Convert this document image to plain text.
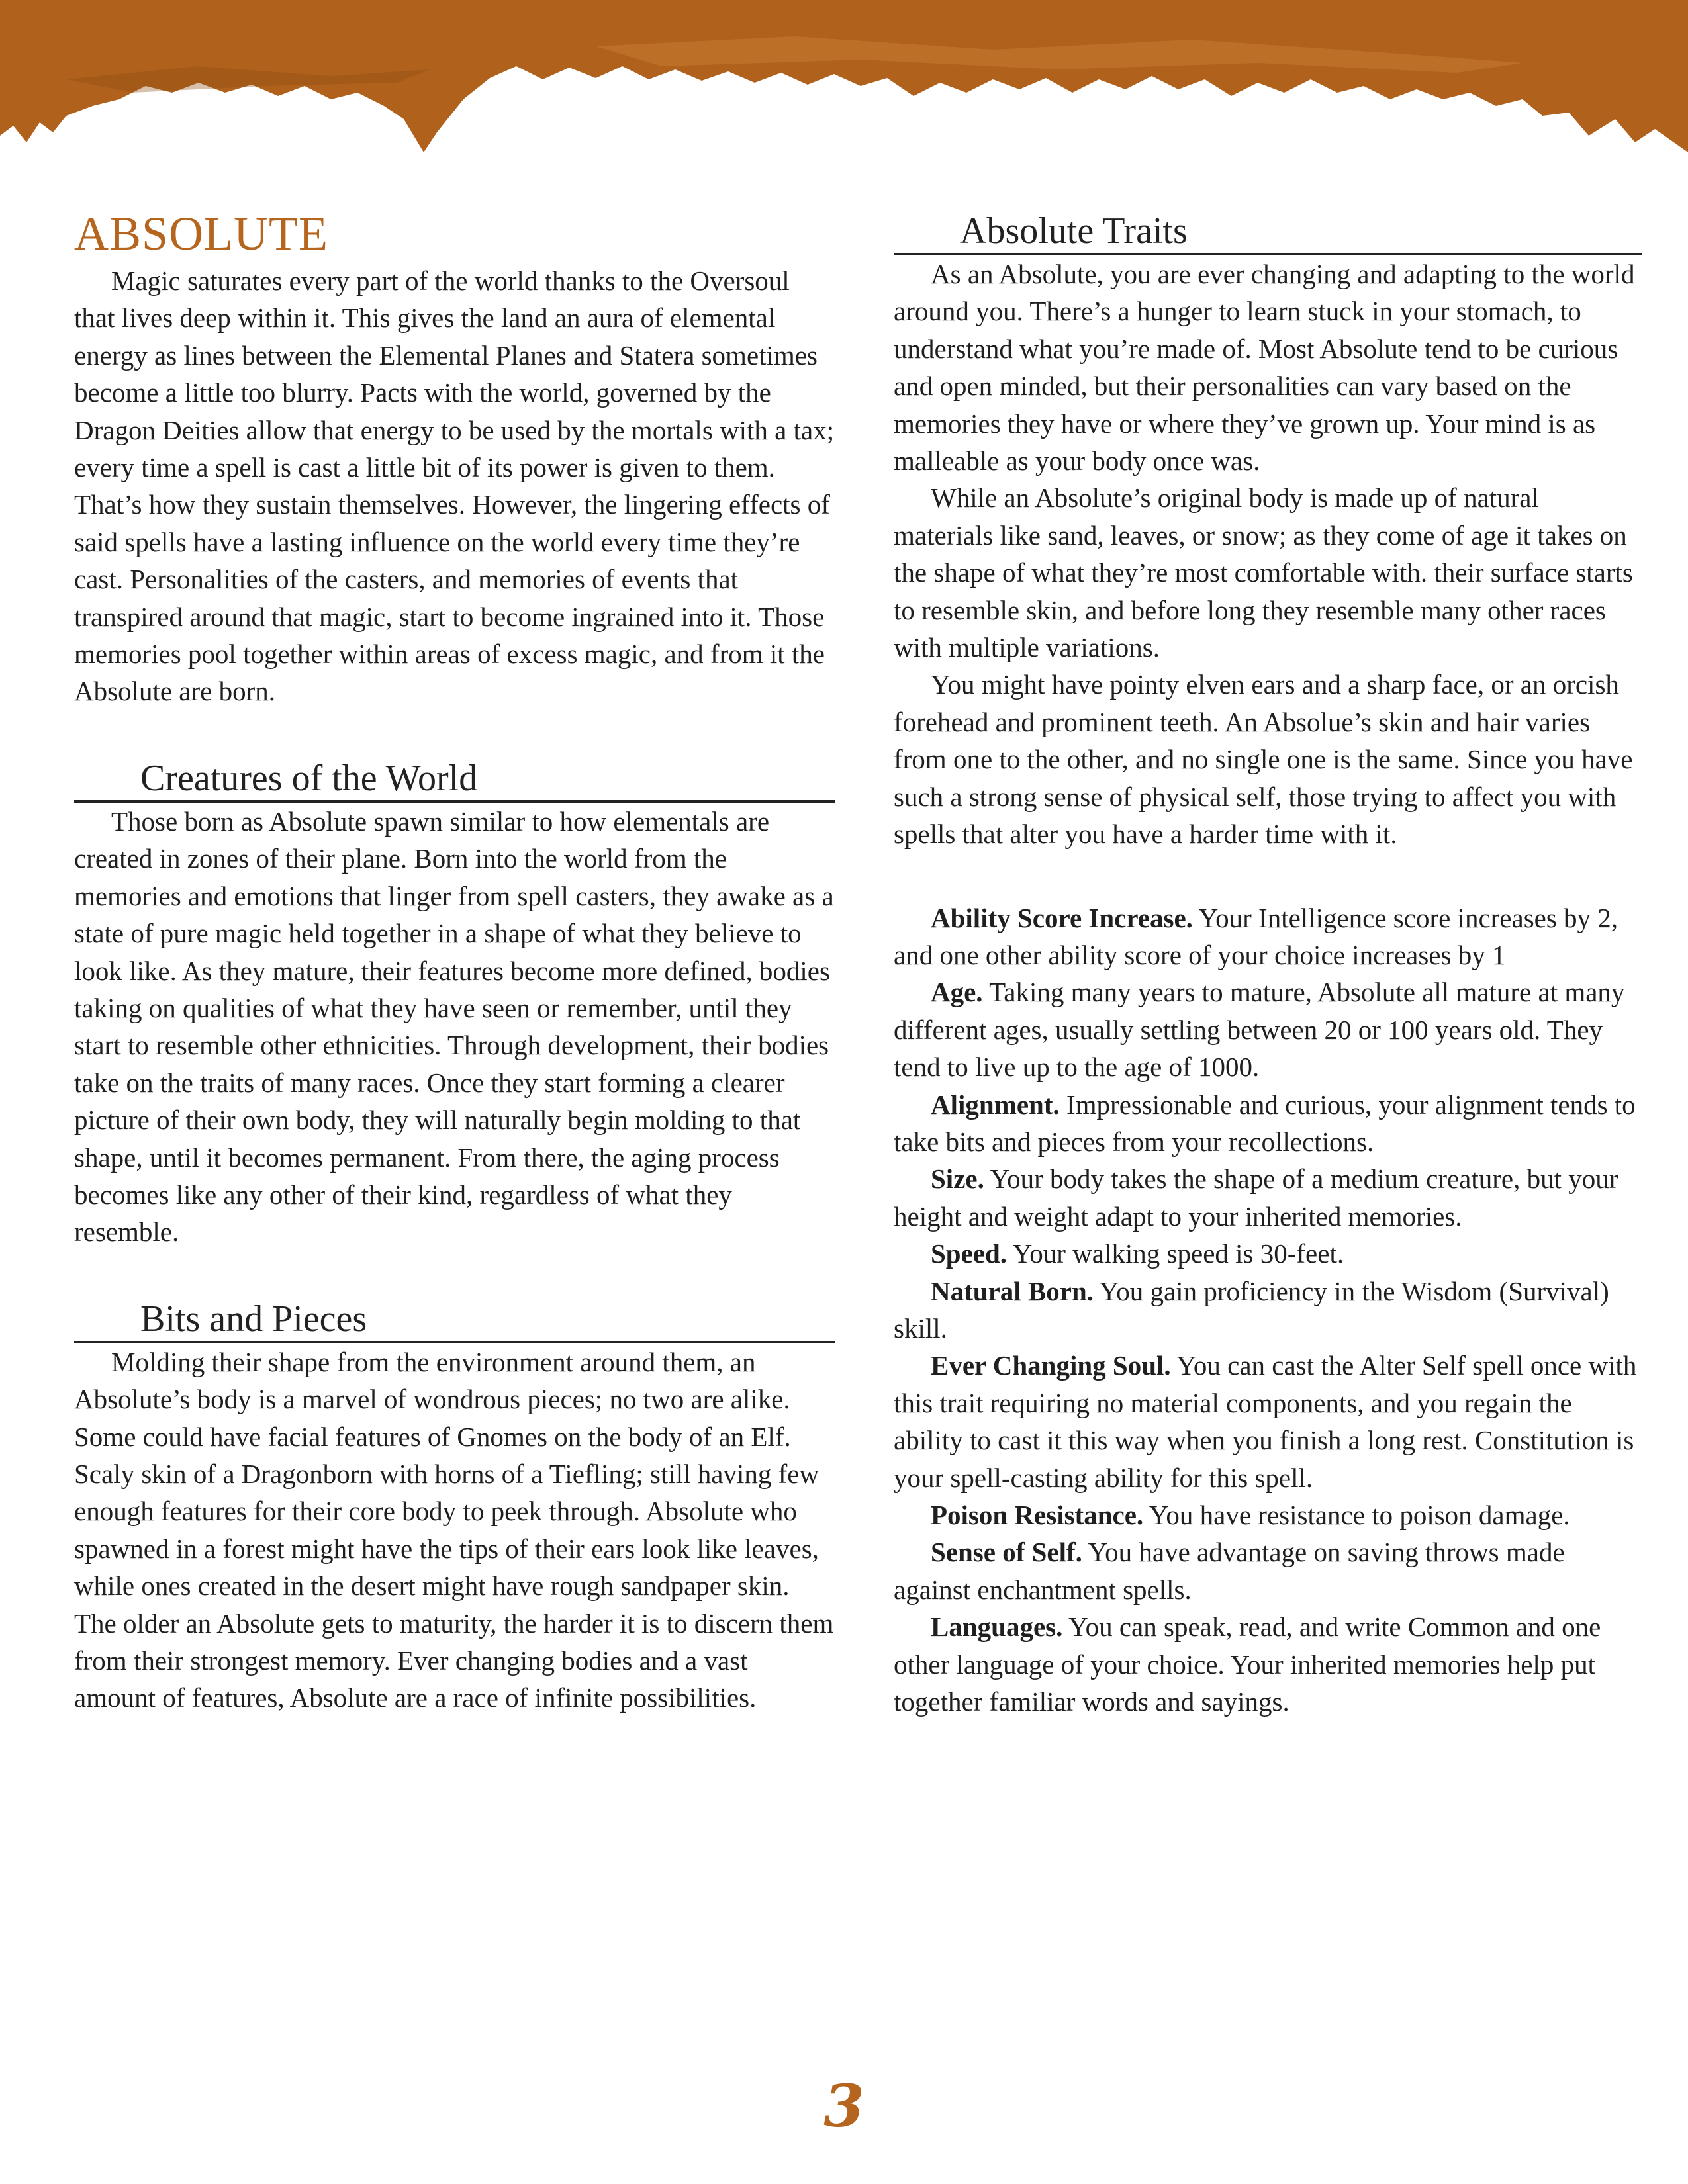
ABSOLUTE

Magic saturates every part of the world thanks to the Oversoul that lives deep within it. This gives the land an aura of elemental energy as lines between the Elemental Planes and Statera sometimes become a little too blurry. Pacts with the world, governed by the Dragon Deities allow that energy to be used by the mortals with a tax; every time a spell is cast a little bit of its power is given to them. That’s how they sustain themselves. However, the lingering effects of said spells have a lasting influence on the world every time they’re cast. Personalities of the casters, and memories of events that transpired around that magic, start to become ingrained into it. Those memories pool together within areas of excess magic, and from it the Absolute are born.

Creatures of the World

Those born as Absolute spawn similar to how elementals are created in zones of their plane. Born into the world from the memories and emotions that linger from spell casters, they awake as a state of pure magic held together in a shape of what they believe to look like. As they mature, their features become more defined, bodies taking on qualities of what they have seen or remember, until they start to resemble other ethnicities. Through development, their bodies take on the traits of many races. Once they start forming a clearer picture of their own body, they will naturally begin molding to that shape, until it becomes permanent. From there, the aging process becomes like any other of their kind, regardless of what they resemble.

Bits and Pieces

Molding their shape from the environment around them, an Absolute’s body is a marvel of wondrous pieces; no two are alike. Some could have facial features of Gnomes on the body of an Elf. Scaly skin of a Dragonborn with horns of a Tiefling; still having few enough features for their core body to peek through. Absolute who spawned in a forest might have the tips of their ears look like leaves, while ones created in the desert might have rough sandpaper skin. The older an Absolute gets to maturity, the harder it is to discern them from their strongest memory. Ever changing bodies and a vast amount of features, Absolute are a race of infinite possibilities.

Absolute Traits

As an Absolute, you are ever changing and adapting to the world around you. There’s a hunger to learn stuck in your stomach, to understand what you’re made of. Most Absolute tend to be curious and open minded, but their personalities can vary based on the memories they have or where they’ve grown up. Your mind is as malleable as your body once was.

While an Absolute’s original body is made up of natural materials like sand, leaves, or snow; as they come of age it takes on the shape of what they’re most comfortable with. their surface starts to resemble skin, and before long they resemble many other races with multiple variations.

You might have pointy elven ears and a sharp face, or an orcish forehead and prominent teeth. An Absolue’s skin and hair varies from one to the other, and no single one is the same. Since you have such a strong sense of physical self, those trying to affect you with spells that alter you have a harder time with it.

Ability Score Increase. Your Intelligence score increases by 2, and one other ability score of your choice increases by 1

Age. Taking many years to mature, Absolute all mature at many different ages, usually settling between 20 or 100 years old. They tend to live up to the age of 1000.

Alignment. Impressionable and curious, your alignment tends to take bits and pieces from your recollections.

Size. Your body takes the shape of a medium creature, but your height and weight adapt to your inherited memories.

Speed. Your walking speed is 30-feet.

Natural Born. You gain proficiency in the Wisdom (Survival) skill.

Ever Changing Soul. You can cast the Alter Self spell once with this trait requiring no material components, and you regain the ability to cast it this way when you finish a long rest. Constitution is your spell-casting ability for this spell.

Poison Resistance. You have resistance to poison damage.

Sense of Self. You have advantage on saving throws made against enchantment spells.

Languages. You can speak, read, and write Common and one other language of your choice. Your inherited memories help put together familiar words and sayings.

3
